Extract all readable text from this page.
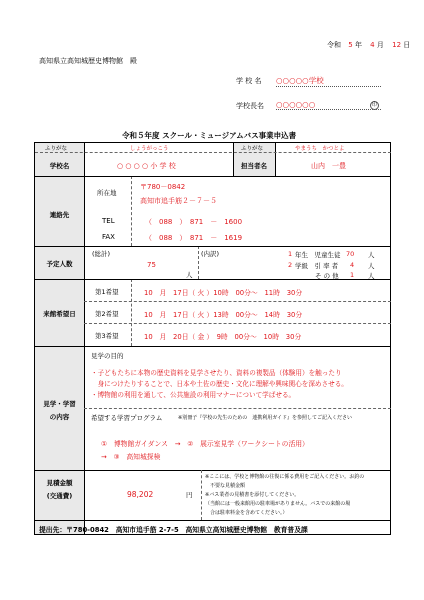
令和 5 年 4 月 12 日
高知県立高知城歴史博物館　殿
学 校 名 ○○○○○学校
学校長名 ○○○○○○	印
令和５年度 スクール・ミュージアムバス事業申込書
ふりがな	しょうがっこう
学校名	○ ○ ○ ○ 小 学 校
ふりがな	やまうち　かつとよ
担当者名	山内　一豊
連絡先
所在地
〒780－0842
高知市追手筋２－７－５
TEL	（　088　）　871　－　1600
FAX	（　088　）　871　－　1619
予定人数
(総計)
75
人
(内訳)	1 年生　児童生徒 70 人
2 学級　引 率 者 4 人
そ の 他 1 人
来館希望日
第1希望	10　月　17日（ 火 ）10時　00分～　11時　30分
第2希望	10　月　17日（ 火 ）13時　00分～　14時　30分
第3希望	10　月　20日（ 金 ）　9時　00分～　10時　30分
見学・学習
の内容
見学の目的
・子どもたちに本物の歴史資料を見学させたり、資料の複製品（体験用）を触ったり
　身につけたりすることで、日本や土佐の歴史・文化に理解や興味関心を深めさせる。
・博物館の利用を通して、公共施設の利用マナーについて学ばせる。
希望する学習プログラム	※別冊子『学校の先生のための　連携利用ガイド』を参照してご記入ください
①　博物館ガイダンス　→　②　展示室見学（ワークシートの活用）
→　③　高知城探検
見積金額
(交通費)	98,202	円
※ここには、学校と博物館の往復に係る費用をご記入ください。お釣の
　不要な見積金額
※バス業者の見積書を添付してください。
（当館には一般来館用の駐車場がありません。バスでの来館の場
　合は駐車料金を含めてください。）
提出先：〒780-0842　高知市追手筋 2-7-5　高知県立高知城歴史博物館　教育普及課
